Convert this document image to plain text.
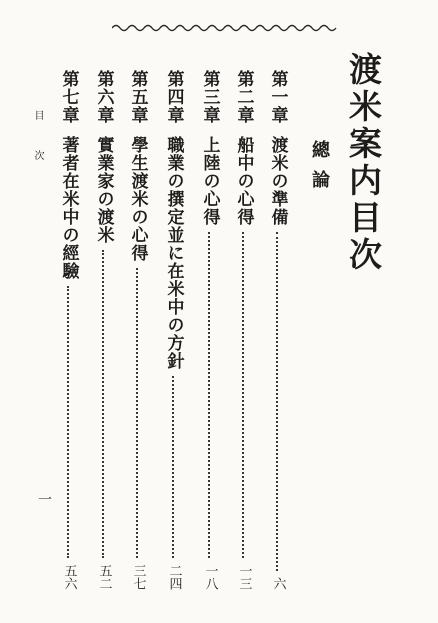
渡米案内目次
總論
第一章
渡米の準備
六
第二章
船中の心得
一三
第三章
上陸の心得
一八
第四章
職業の撰定並に在米中の方針
二四
第五章
學生渡米の心得
三七
第六章
實業家の渡米
五二
第七章
著者在米中の經驗
五六
目次
一
